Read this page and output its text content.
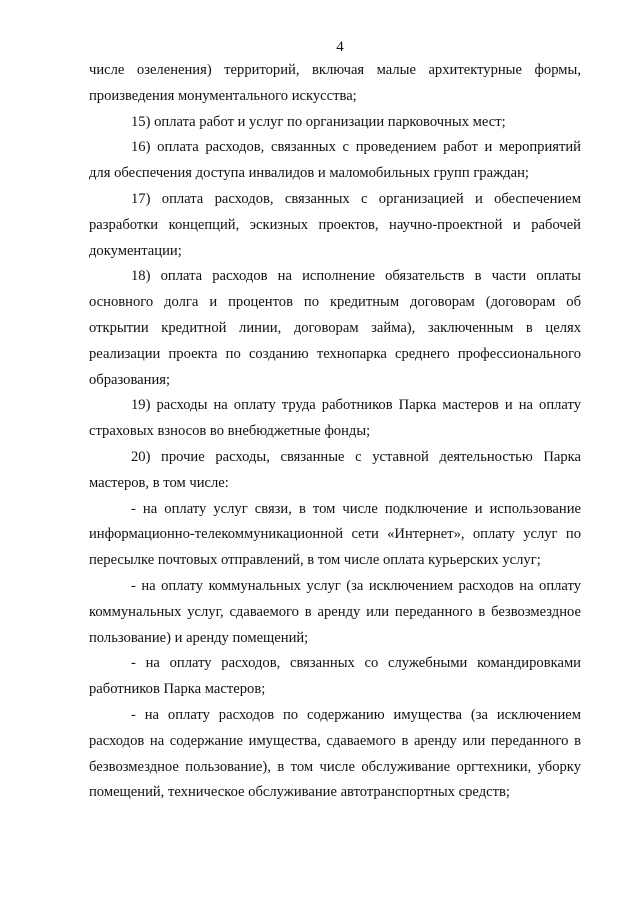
4

числе озеленения) территорий, включая малые архитектурные формы, произведения монументального искусства;

15) оплата работ и услуг по организации парковочных мест;

16) оплата расходов, связанных с проведением работ и мероприятий для обеспечения доступа инвалидов и маломобильных групп граждан;

17) оплата расходов, связанных с организацией и обеспечением разработки концепций, эскизных проектов, научно-проектной и рабочей документации;

18) оплата расходов на исполнение обязательств в части оплаты основного долга и процентов по кредитным договорам (договорам об открытии кредитной линии, договорам займа), заключенным в целях реализации проекта по созданию технопарка среднего профессионального образования;

19) расходы на оплату труда работников Парка мастеров и на оплату страховых взносов во внебюджетные фонды;

20) прочие расходы, связанные с уставной деятельностью Парка мастеров, в том числе:

- на оплату услуг связи, в том числе подключение и использование информационно-телекоммуникационной сети «Интернет», оплату услуг по пересылке почтовых отправлений, в том числе оплата курьерских услуг;

- на оплату коммунальных услуг (за исключением расходов на оплату коммунальных услуг, сдаваемого в аренду или переданного в безвозмездное пользование) и аренду помещений;

- на оплату расходов, связанных со служебными командировками работников Парка мастеров;

- на оплату расходов по содержанию имущества (за исключением расходов на содержание имущества, сдаваемого в аренду или переданного в безвозмездное пользование), в том числе обслуживание оргтехники, уборку помещений, техническое обслуживание автотранспортных средств;
